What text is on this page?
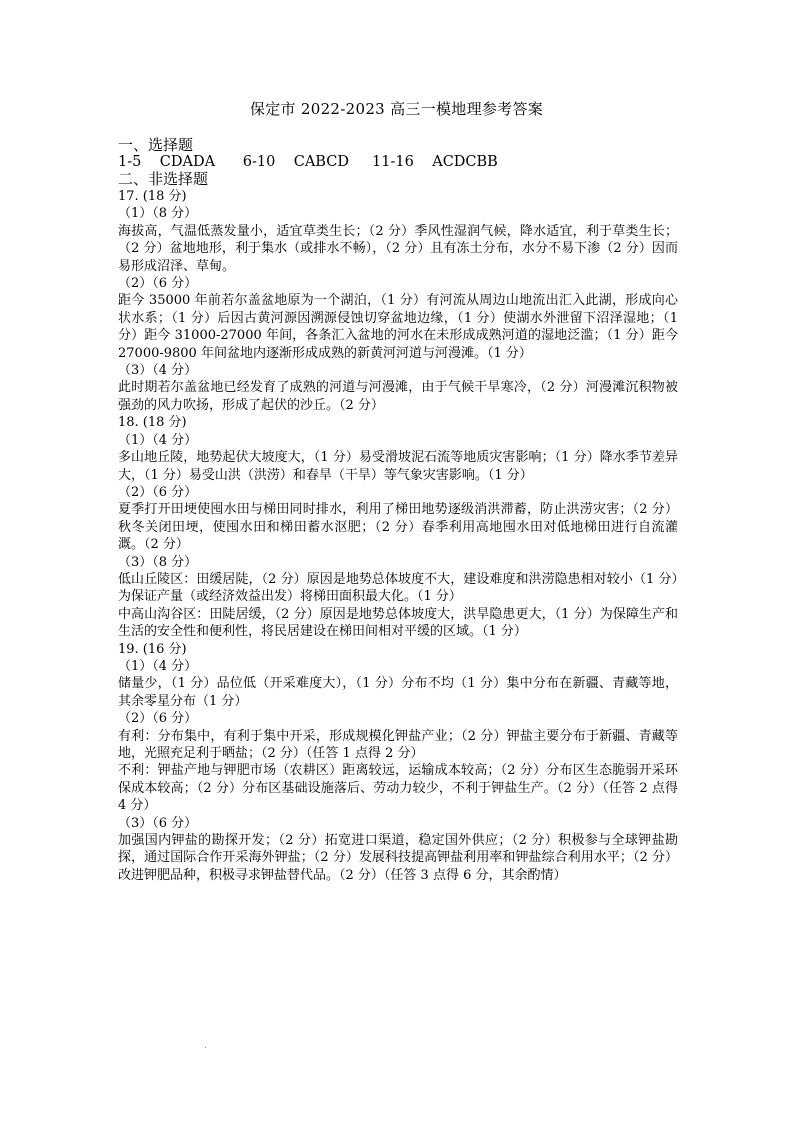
保定市 2022-2023 高三一模地理参考答案

一、选择题

1-5    CDADA      6-10    CABCD     11-16    ACDCBB

二、非选择题

17. (18 分)

（1）（8 分）

海拔高，气温低蒸发量小，适宜草类生长；（2 分）季风性湿润气候，降水适宜，利于草类生长；（2 分）盆地地形，利于集水（或排水不畅），（2 分）且有冻土分布，水分不易下渗（2 分）因而易形成沼泽、草甸。

（2）（6 分）

距今 35000 年前若尔盖盆地原为一个湖泊，（1 分）有河流从周边山地流出汇入此湖，形成向心状水系；（1 分）后因古黄河源因溯源侵蚀切穿盆地边缘，（1 分）使湖水外泄留下沼泽湿地；（1 分）距今 31000-27000 年间，各条汇入盆地的河水在未形成成熟河道的湿地泛滥；（1 分）距今 27000-9800 年间盆地内逐渐形成成熟的新黄河河道与河漫滩。（1 分）

（3）（4 分）

此时期若尔盖盆地已经发育了成熟的河道与河漫滩，由于气候干旱寒冷，（2 分）河漫滩沉积物被强劲的风力吹扬，形成了起伏的沙丘。（2 分）

18. (18 分)

（1）（4 分）

多山地丘陵，地势起伏大坡度大，（1 分）易受滑坡泥石流等地质灾害影响；（1 分）降水季节差异大，（1 分）易受山洪（洪涝）和春旱（干旱）等气象灾害影响。（1 分）

（2）（6 分）

夏季打开田埂使囤水田与梯田同时排水，利用了梯田地势逐级消洪滞蓄，防止洪涝灾害；（2 分）秋冬关闭田埂，使囤水田和梯田蓄水沤肥；（2 分）春季利用高地囤水田对低地梯田进行自流灌溉。（2 分）

（3）（8 分）

低山丘陵区：田缓居陡，（2 分）原因是地势总体坡度不大，建设难度和洪涝隐患相对较小（1 分）为保证产量（或经济效益出发）将梯田面积最大化。（1 分）

中高山沟谷区：田陡居缓，（2 分）原因是地势总体坡度大，洪旱隐患更大，（1 分）为保障生产和生活的安全性和便利性，将民居建设在梯田间相对平缓的区域。（1 分）

19. (16 分)

（1）（4 分）

储量少，（1 分）品位低（开采难度大），（1 分）分布不均（1 分）集中分布在新疆、青藏等地，其余零星分布（1 分）

（2）（6 分）

有利：分布集中，有利于集中开采，形成规模化钾盐产业；（2 分）钾盐主要分布于新疆、青藏等地，光照充足利于晒盐；（2 分）（任答 1 点得 2 分）

不利：钾盐产地与钾肥市场（农耕区）距离较远，运输成本较高；（2 分）分布区生态脆弱开采环保成本较高；（2 分）分布区基础设施落后、劳动力较少，不利于钾盐生产。（2 分）（任答 2 点得 4 分）

（3）（6 分）

加强国内钾盐的勘探开发；（2 分）拓宽进口渠道，稳定国外供应；（2 分）积极参与全球钾盐勘探，通过国际合作开采海外钾盐；（2 分）发展科技提高钾盐利用率和钾盐综合利用水平；（2 分）改进钾肥品种，积极寻求钾盐替代品。（2 分）（任答 3 点得 6 分，其余酌情）
